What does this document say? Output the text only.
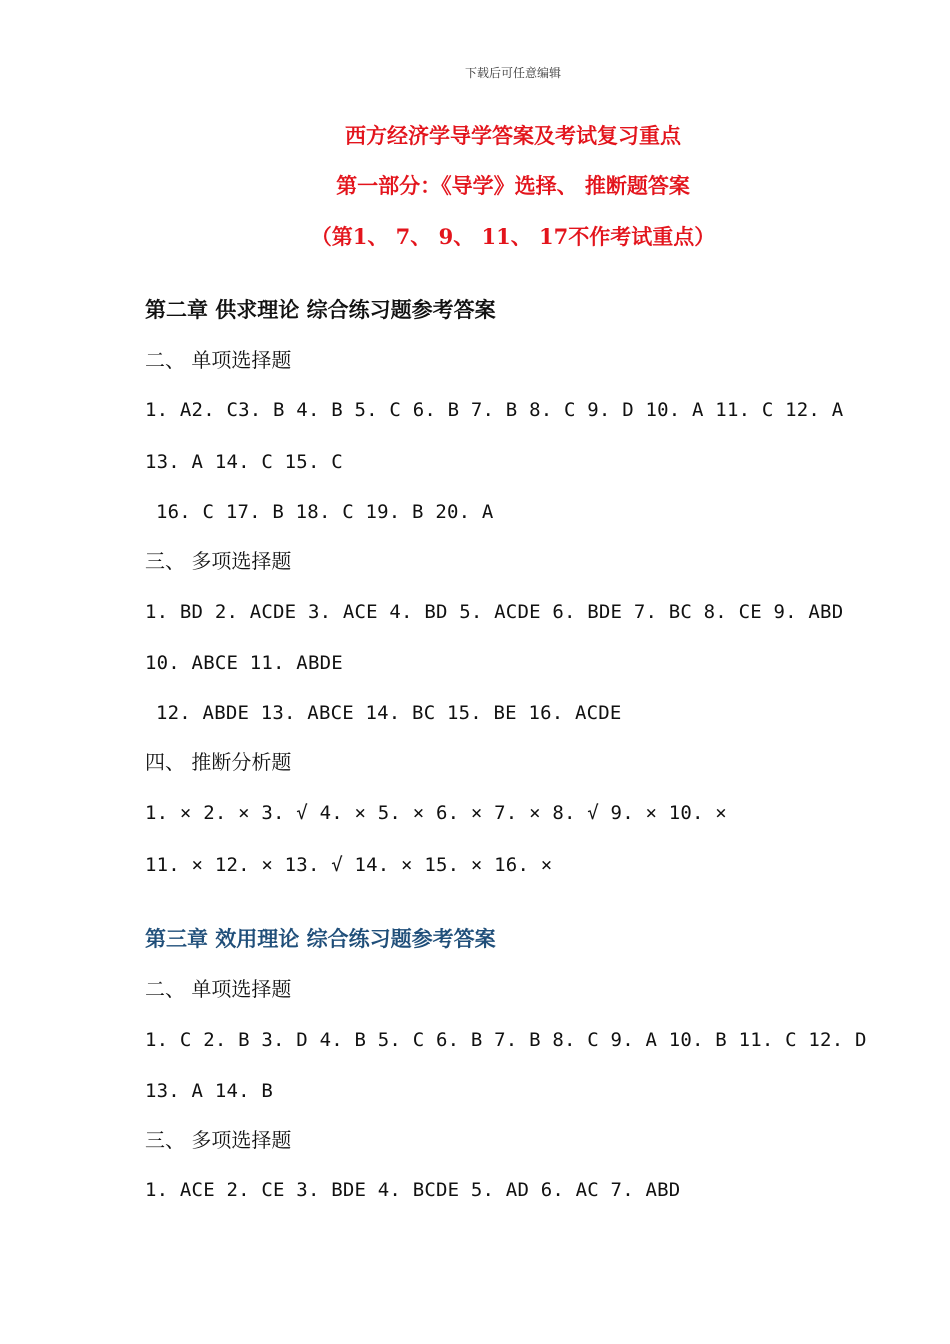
下载后可任意编辑
西方经济学导学答案及考试复习重点
第一部分：《导学》选择、 推断题答案
（第1、 7、 9、 11、 17不作考试重点）
第二章 供求理论 综合练习题参考答案
二、 单项选择题
1. A2. C3. B 4. B 5. C 6. B 7. B 8. C 9. D 10. A 11. C 12. A
13. A 14. C 15. C
16. C 17. B 18. C 19. B 20. A
三、 多项选择题
1. BD 2. ACDE 3. ACE 4. BD 5. ACDE 6. BDE 7. BC 8. CE 9. ABD
10. ABCE 11. ABDE
12. ABDE 13. ABCE 14. BC 15. BE 16. ACDE
四、 推断分析题
1. × 2. × 3. √ 4. × 5. × 6. × 7. × 8. √ 9. × 10. ×
11. × 12. × 13. √ 14. × 15. × 16. ×
第三章 效用理论 综合练习题参考答案
二、 单项选择题
1. C 2. B 3. D 4. B 5. C 6. B 7. B 8. C 9. A 10. B 11. C 12. D
13. A 14. B
三、 多项选择题
1. ACE 2. CE 3. BDE 4. BCDE 5. AD 6. AC 7. ABD
